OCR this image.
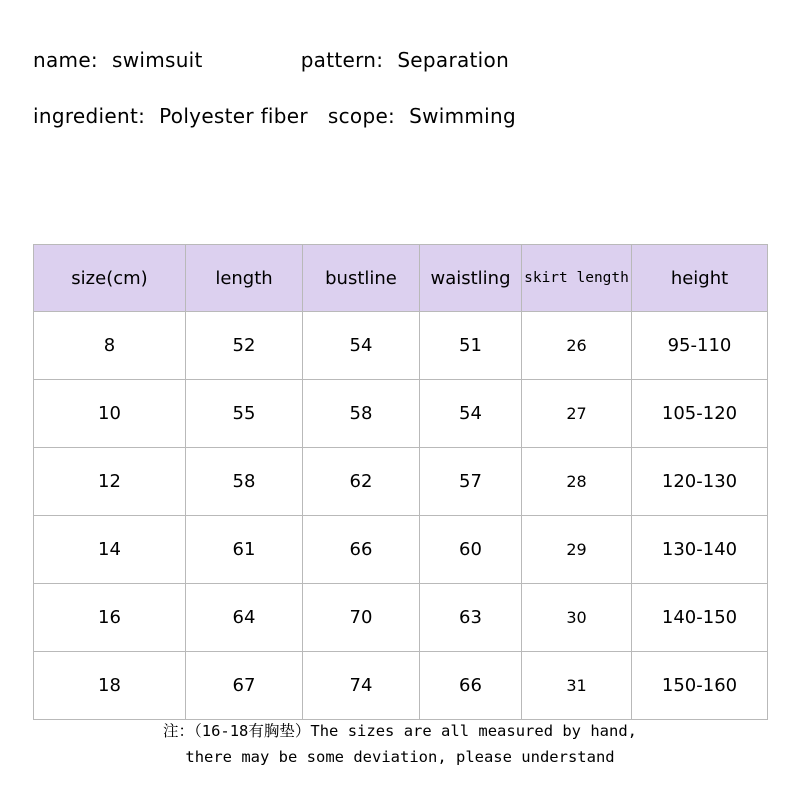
name: swimsuit	pattern: Separation
ingredient: Polyester fiber scope: Swimming
size(cm)	length	bustline	waistling	skirt length	height
8	52	54	51	26	95-110
10	55	58	54	27	105-120
12	58	62	57	28	120-130
14	61	66	60	29	130-140
16	64	70	63	30	140-150
18	67	74	66	31	150-160
注：（16-18有胸垫）The sizes are all measured by hand,
there may be some deviation, please understand
